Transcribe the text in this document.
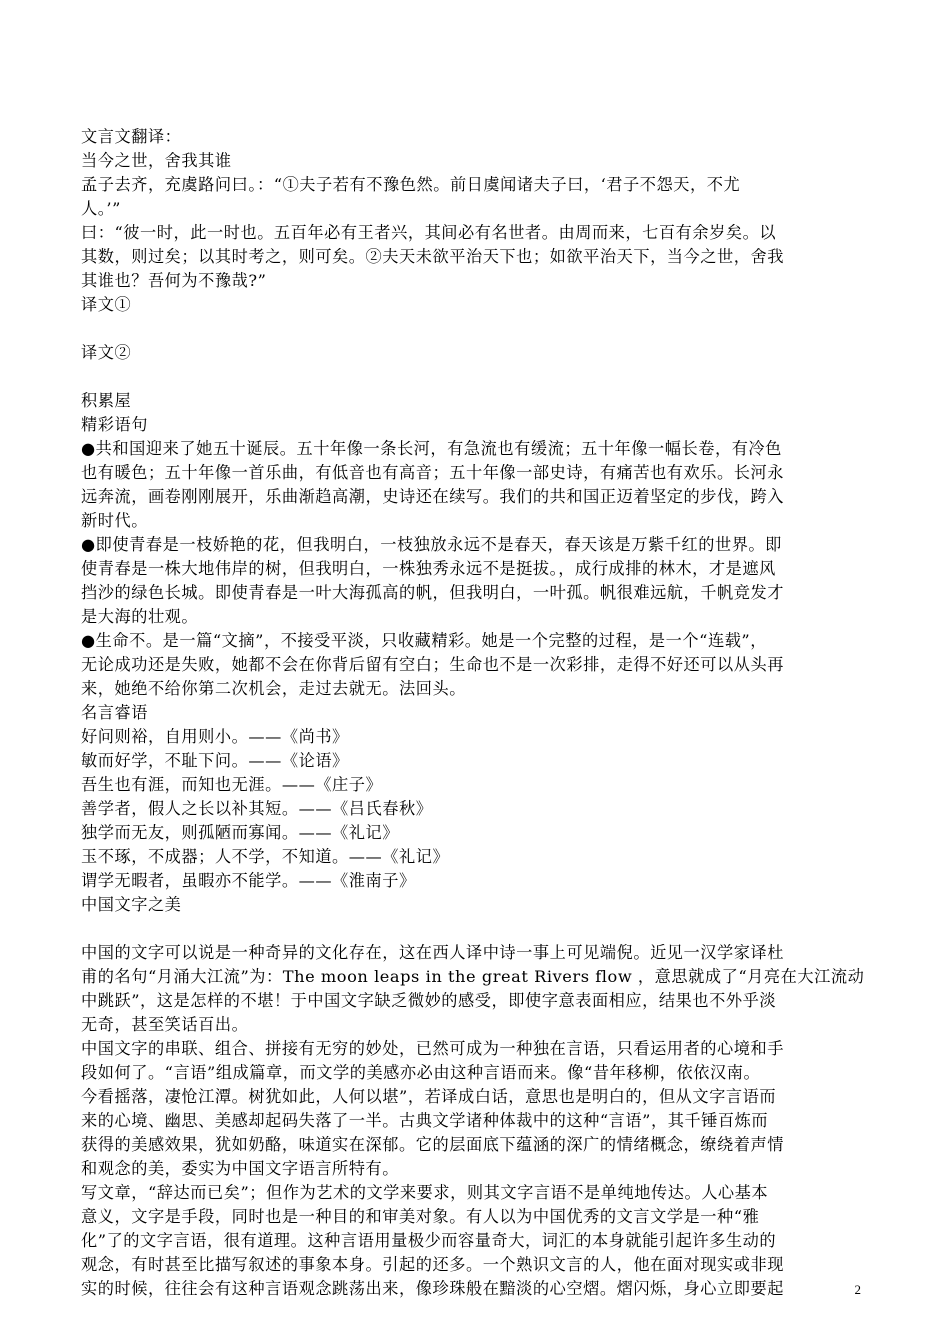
文言文翻译：
当今之世，舍我其谁
孟子去齐，充虞路问曰。：“①夫子若有不豫色然。前日虞闻诸夫子曰，‘君子不怨天，不尤
人。’”
曰：“彼一时，此一时也。五百年必有王者兴，其间必有名世者。由周而来，七百有余岁矣。以
其数，则过矣；以其时考之，则可矣。②夫天未欲平治天下也；如欲平治天下，当今之世，舍我
其谁也？吾何为不豫哉?”
译文①
译文②
积累屋
精彩语句
●共和国迎来了她五十诞辰。五十年像一条长河，有急流也有缓流；五十年像一幅长卷，有冷色
也有暖色；五十年像一首乐曲，有低音也有高音；五十年像一部史诗，有痛苦也有欢乐。长河永
远奔流，画卷刚刚展开，乐曲渐趋高潮，史诗还在续写。我们的共和国正迈着坚定的步伐，跨入
新时代。
●即使青春是一枝娇艳的花，但我明白，一枝独放永远不是春天，春天该是万紫千红的世界。即
使青春是一株大地伟岸的树，但我明白，一株独秀永远不是挺拔。，成行成排的林木，才是遮风
挡沙的绿色长城。即使青春是一叶大海孤高的帆，但我明白，一叶孤。帆很难远航，千帆竞发才
是大海的壮观。
●生命不。是一篇“文摘”，不接受平淡，只收藏精彩。她是一个完整的过程，是一个“连载”，
无论成功还是失败，她都不会在你背后留有空白；生命也不是一次彩排，走得不好还可以从头再
来，她绝不给你第二次机会，走过去就无。法回头。
名言睿语
好问则裕，自用则小。——《尚书》
敏而好学，不耻下问。——《论语》
吾生也有涯，而知也无涯。——《庄子》
善学者，假人之长以补其短。——《吕氏春秋》
独学而无友，则孤陋而寡闻。——《礼记》
玉不琢，不成器；人不学，不知道。——《礼记》
谓学无暇者，虽暇亦不能学。——《淮南子》
中国文字之美
中国的文字可以说是一种奇异的文化存在，这在西人译中诗一事上可见端倪。近见一汉学家译杜
甫的名句“月涌大江流”为：The moon leaps in the great Rivers flow ，意思就成了“月亮在大江流动
中跳跃”，这是怎样的不堪！于中国文字缺乏微妙的感受，即使字意表面相应，结果也不外乎淡
无奇，甚至笑话百出。
中国文字的串联、组合、拼接有无穷的妙处，已然可成为一种独在言语，只看运用者的心境和手
段如何了。“言语”组成篇章，而文学的美感亦必由这种言语而来。像“昔年移柳，依依汉南。
今看摇落，凄怆江潭。树犹如此，人何以堪”，若译成白话，意思也是明白的，但从文字言语而
来的心境、幽思、美感却起码失落了一半。古典文学诸种体裁中的这种“言语”，其千锤百炼而
获得的美感效果，犹如奶酪，味道实在深郁。它的层面底下蕴涵的深广的情绪概念，缭绕着声情
和观念的美，委实为中国文字语言所特有。
写文章，“辞达而已矣”；但作为艺术的文学来要求，则其文字言语不是单纯地传达。人心基本
意义，文字是手段，同时也是一种目的和审美对象。有人以为中国优秀的文言文学是一种“雅
化”了的文字言语，很有道理。这种言语用量极少而容量奇大，词汇的本身就能引起许多生动的
观念，有时甚至比描写叙述的事象本身。引起的还多。一个熟识文言的人，他在面对现实或非现
实的时候，往往会有这种言语观念跳荡出来，像珍珠般在黯淡的心空熠。熠闪烁，身心立即要起	2
